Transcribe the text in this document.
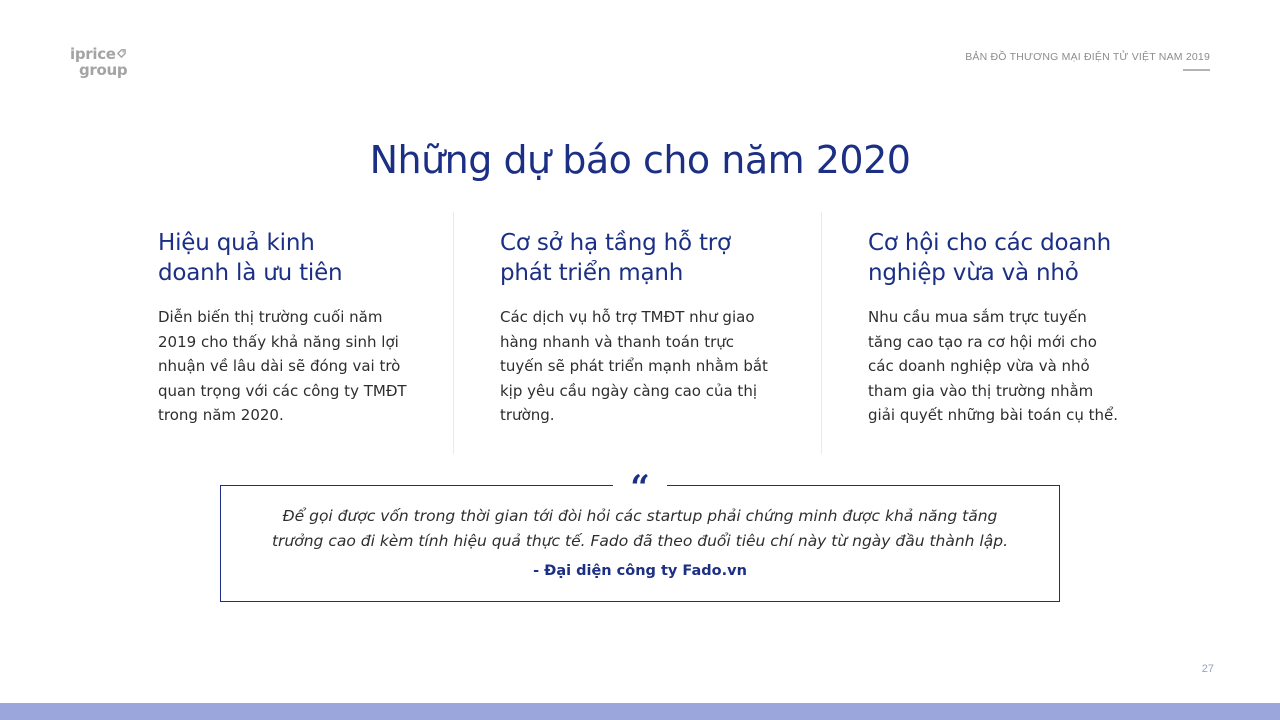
iprice
group
BẢN ĐỒ THƯƠNG MẠI ĐIỆN TỬ VIỆT NAM 2019
Những dự báo cho năm 2020
Hiệu quả kinh
doanh là ưu tiên

Diễn biến thị trường cuối năm
2019 cho thấy khả năng sinh lợi
nhuận về lâu dài sẽ đóng vai trò
quan trọng với các công ty TMĐT
trong năm 2020.

Cơ sở hạ tầng hỗ trợ
phát triển mạnh

Các dịch vụ hỗ trợ TMĐT như giao
hàng nhanh và thanh toán trực
tuyến sẽ phát triển mạnh nhằm bắt
kịp yêu cầu ngày càng cao của thị
trường.

Cơ hội cho các doanh
nghiệp vừa và nhỏ

Nhu cầu mua sắm trực tuyến
tăng cao tạo ra cơ hội mới cho
các doanh nghiệp vừa và nhỏ
tham gia vào thị trường nhằm
giải quyết những bài toán cụ thể.

“

Để gọi được vốn trong thời gian tới đòi hỏi các startup phải chứng minh được khả năng tăng
trưởng cao đi kèm tính hiệu quả thực tế. Fado đã theo đuổi tiêu chí này từ ngày đầu thành lập.

- Đại diện công ty Fado.vn

27
